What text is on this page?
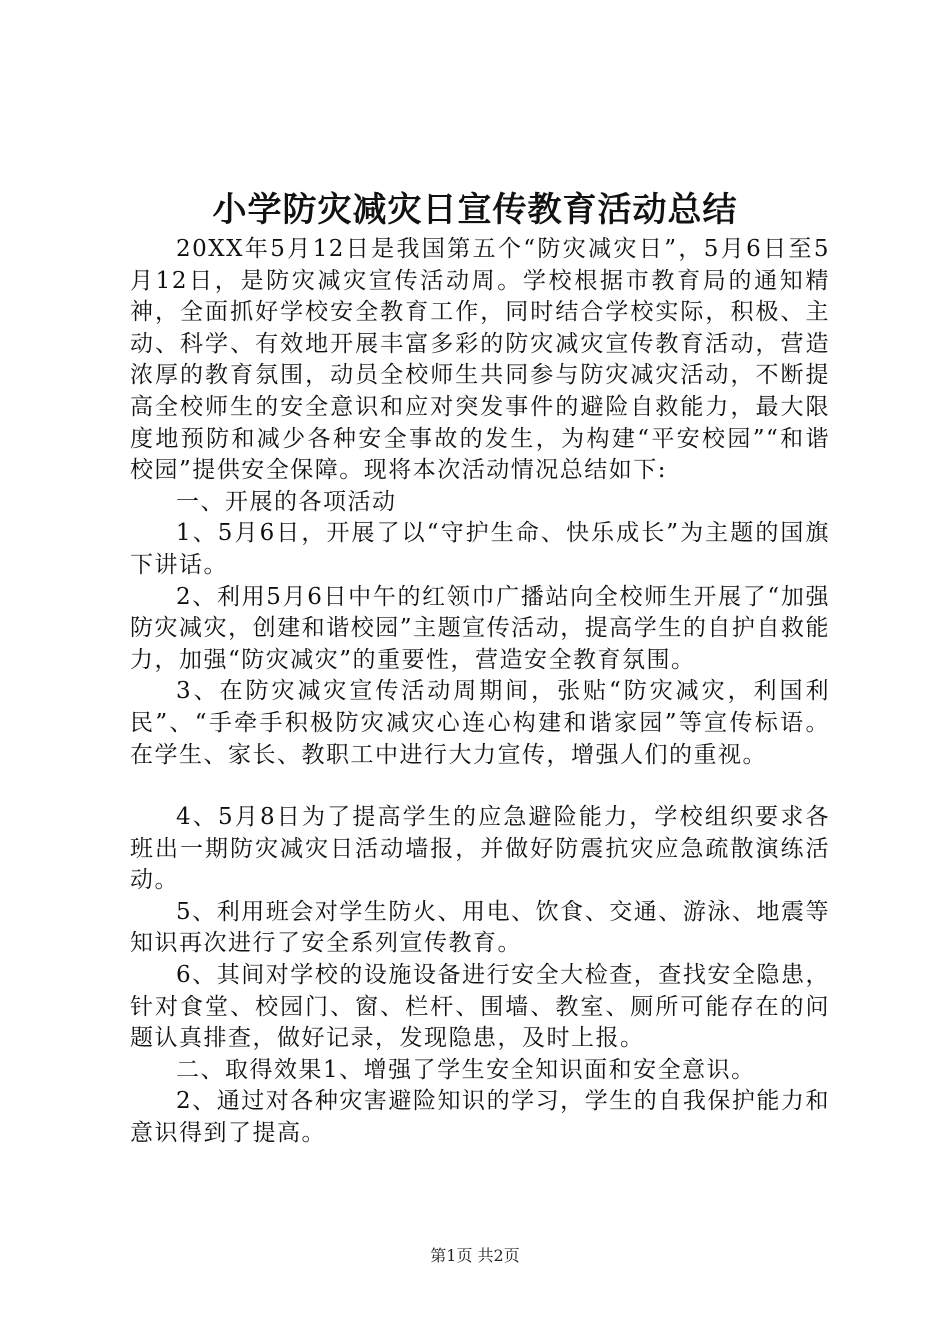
小学防灾减灾日宣传教育活动总结

20XX年5月12日是我国第五个“防灾减灾日”，5月6日至5月12日，是防灾减灾宣传活动周。学校根据市教育局的通知精神，全面抓好学校安全教育工作，同时结合学校实际，积极、主动、科学、有效地开展丰富多彩的防灾减灾宣传教育活动，营造浓厚的教育氛围，动员全校师生共同参与防灾减灾活动，不断提高全校师生的安全意识和应对突发事件的避险自救能力，最大限度地预防和减少各种安全事故的发生，为构建“平安校园”“和谐校园”提供安全保障。现将本次活动情况总结如下:

一、开展的各项活动

1、5月6日，开展了以“守护生命、快乐成长”为主题的国旗下讲话。

2、利用5月6日中午的红领巾广播站向全校师生开展了“加强防灾减灾，创建和谐校园”主题宣传活动，提高学生的自护自救能力，加强“防灾减灾”的重要性，营造安全教育氛围。

3、在防灾减灾宣传活动周期间，张贴“防灾减灾，利国利民”、“手牵手积极防灾减灾心连心构建和谐家园”等宣传标语。在学生、家长、教职工中进行大力宣传，增强人们的重视。

4、5月8日为了提高学生的应急避险能力，学校组织要求各班出一期防灾减灾日活动墙报，并做好防震抗灾应急疏散演练活动。

5、利用班会对学生防火、用电、饮食、交通、游泳、地震等知识再次进行了安全系列宣传教育。

6、其间对学校的设施设备进行安全大检查，查找安全隐患，针对食堂、校园门、窗、栏杆、围墙、教室、厕所可能存在的问题认真排查，做好记录，发现隐患，及时上报。

二、取得效果1、增强了学生安全知识面和安全意识。

2、通过对各种灾害避险知识的学习，学生的自我保护能力和意识得到了提高。

第1页 共2页
